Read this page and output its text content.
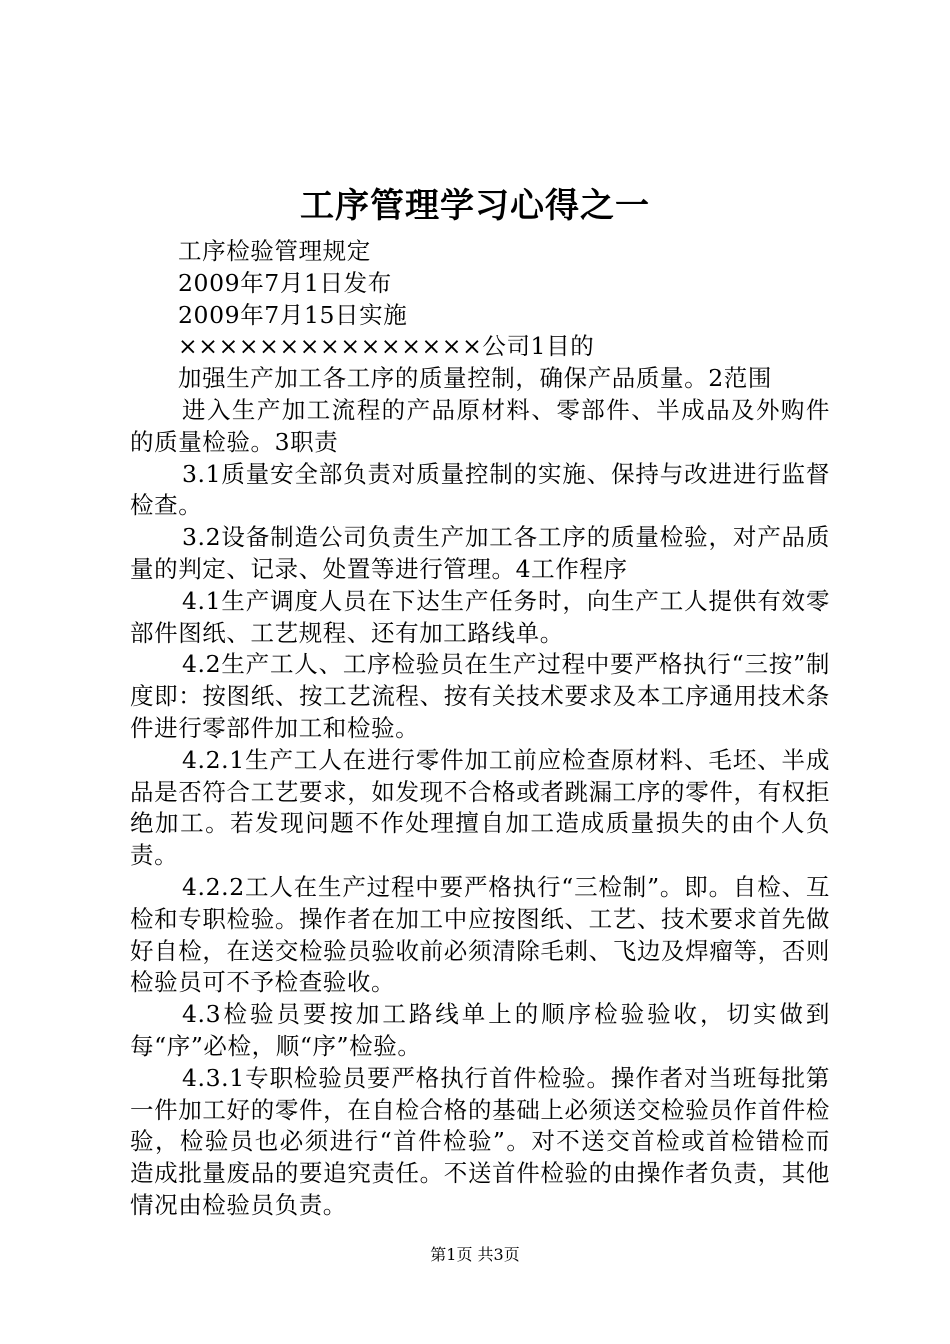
工序管理学习心得之一

工序检验管理规定

2009年7月1日发布

2009年7月15日实施

×××××××××××××××公司1目的

加强生产加工各工序的质量控制，确保产品质量。2范围

进入生产加工流程的产品原材料、零部件、半成品及外购件的质量检验。3职责

3.1质量安全部负责对质量控制的实施、保持与改进进行监督检查。

3.2设备制造公司负责生产加工各工序的质量检验，对产品质量的判定、记录、处置等进行管理。4工作程序

4.1生产调度人员在下达生产任务时，向生产工人提供有效零部件图纸、工艺规程、还有加工路线单。

4.2生产工人、工序检验员在生产过程中要严格执行“三按”制度即：按图纸、按工艺流程、按有关技术要求及本工序通用技术条件进行零部件加工和检验。

4.2.1生产工人在进行零件加工前应检查原材料、毛坯、半成品是否符合工艺要求，如发现不合格或者跳漏工序的零件，有权拒绝加工。若发现问题不作处理擅自加工造成质量损失的由个人负责。

4.2.2工人在生产过程中要严格执行“三检制”。即。自检、互检和专职检验。操作者在加工中应按图纸、工艺、技术要求首先做好自检，在送交检验员验收前必须清除毛刺、飞边及焊瘤等，否则检验员可不予检查验收。

4.3检验员要按加工路线单上的顺序检验验收，切实做到每“序”必检，顺“序”检验。

4.3.1专职检验员要严格执行首件检验。操作者对当班每批第一件加工好的零件，在自检合格的基础上必须送交检验员作首件检验，检验员也必须进行“首件检验”。对不送交首检或首检错检而造成批量废品的要追究责任。不送首件检验的由操作者负责，其他情况由检验员负责。

第1页 共3页
